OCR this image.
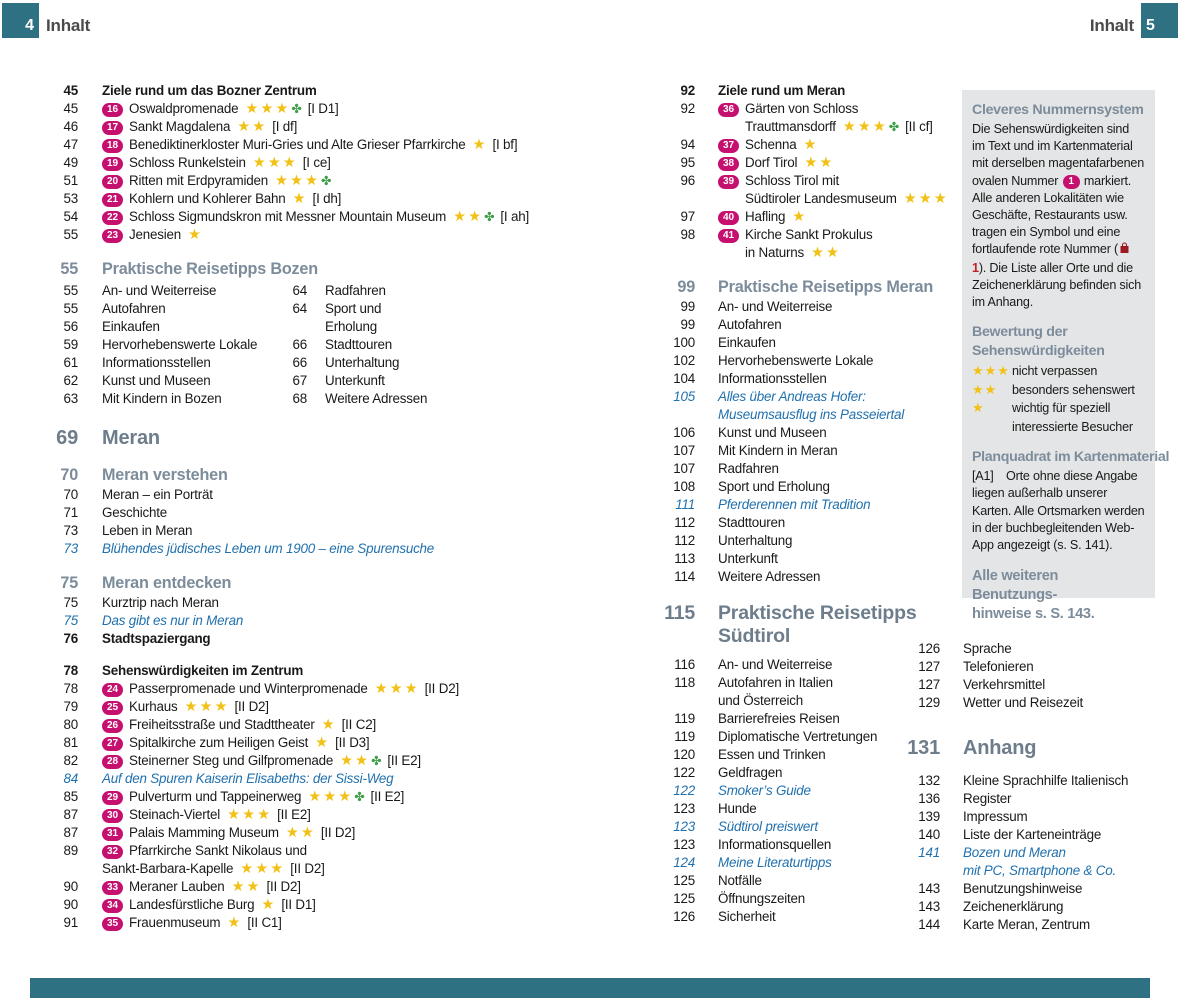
4 Inhalt	Inhalt 5
45 Ziele rund um das Bozner Zentrum
45	16 Oswaldpromenade ★★★✤ [I D1]
46	17 Sankt Magdalena ★★ [I df]
47	18 Benediktinerkloster Muri-Gries und Alte Grieser Pfarrkirche ★ [I bf]
49	19 Schloss Runkelstein ★★★ [I ce]
51	20 Ritten mit Erdpyramiden ★★★✤
53	21 Kohlern und Kohlerer Bahn ★ [I dh]
54	22 Schloss Sigmundskron mit Messner Mountain Museum ★★✤ [I ah]
55	23 Jenesien ★
55 Praktische Reisetipps Bozen
55 An- und Weiterreise
55 Autofahren
56 Einkaufen
59 Hervorhebenswerte Lokale
61 Informationsstellen
62 Kunst und Museen
63 Mit Kindern in Bozen
64 Radfahren
64 Sport und
Erholung
66 Stadttouren
66 Unterhaltung
67 Unterkunft
68 Weitere Adressen
69 Meran
70 Meran verstehen
70 Meran – ein Porträt
71 Geschichte
73 Leben in Meran
73 Blühendes jüdisches Leben um 1900 – eine Spurensuche
75 Meran entdecken
75 Kurztrip nach Meran
75 Das gibt es nur in Meran
76 Stadtspaziergang
78 Sehenswürdigkeiten im Zentrum
78	24 Passerpromenade und Winterpromenade ★★★ [II D2]
79	25 Kurhaus ★★★ [II D2]
80	26 Freiheitsstraße und Stadttheater ★ [II C2]
81	27 Spitalkirche zum Heiligen Geist ★ [II D3]
82	28 Steinerner Steg und Gilfpromenade ★★✤ [II E2]
84 Auf den Spuren Kaiserin Elisabeths: der Sissi-Weg
85	29 Pulverturm und Tappeinerweg ★★★✤ [II E2]
87	30 Steinach-Viertel ★★★ [II E2]
87	31 Palais Mamming Museum ★★ [II D2]
89	32 Pfarrkirche Sankt Nikolaus und
Sankt-Barbara-Kapelle ★★★ [II D2]
90	33 Meraner Lauben ★★ [II D2]
90	34 Landesfürstliche Burg ★ [II D1]
91	35 Frauenmuseum ★ [II C1]
92 Ziele rund um Meran
92	36 Gärten von Schloss
Trauttmansdorff ★★★✤ [II cf]
94	37 Schenna ★
95	38 Dorf Tirol ★★
96	39 Schloss Tirol mit
Südtiroler Landesmuseum ★★★
97	40 Hafling ★
98	41 Kirche Sankt Prokulus
in Naturns ★★
99 Praktische Reisetipps Meran
99 An- und Weiterreise
99 Autofahren
100 Einkaufen
102 Hervorhebenswerte Lokale
104 Informationsstellen
105 Alles über Andreas Hofer:
Museumsausflug ins Passeiertal
106 Kunst und Museen
107 Mit Kindern in Meran
107 Radfahren
108 Sport und Erholung
111 Pferderennen mit Tradition
112 Stadttouren
112 Unterhaltung
113 Unterkunft
114 Weitere Adressen
115 Praktische Reisetipps
Südtirol
116 An- und Weiterreise
118 Autofahren in Italien
und Österreich
119 Barrierefreies Reisen
119 Diplomatische Vertretungen
120 Essen und Trinken
122 Geldfragen
122 Smoker’s Guide
123 Hunde
123 Südtirol preiswert
123 Informationsquellen
124 Meine Literaturtipps
125 Notfälle
125 Öffnungszeiten
126 Sicherheit
126 Sprache
127 Telefonieren
127 Verkehrsmittel
129 Wetter und Reisezeit
131 Anhang
132 Kleine Sprachhilfe Italienisch
136 Register
139 Impressum
140 Liste der Karteneinträge
141 Bozen und Meran
mit PC, Smartphone & Co.
143 Benutzungshinweise
143 Zeichenerklärung
144 Karte Meran, Zentrum
Cleveres Nummernsystem
Die Sehenswürdigkeiten sind im Text und im Kartenmaterial mit derselben magentafarbenen ovalen Nummer 1 markiert. Alle anderen Lokalitäten wie Geschäfte, Restaurants usw. tragen ein Symbol und eine fortlaufende rote Nummer (1). Die Liste aller Orte und die Zeichenerklärung befinden sich im Anhang.
Bewertung der
Sehenswürdigkeiten
★★★ nicht verpassen
★★	besonders sehenswert
★	wichtig für speziell
interessierte Besucher
Planquadrat im Kartenmaterial
[A1] Orte ohne diese Angabe liegen außerhalb unserer Karten. Alle Ortsmarken werden in der buchbegleitenden Web-App angezeigt (s. S. 141).
Alle weiteren Benutzungs-
hinweise s. S. 143.
